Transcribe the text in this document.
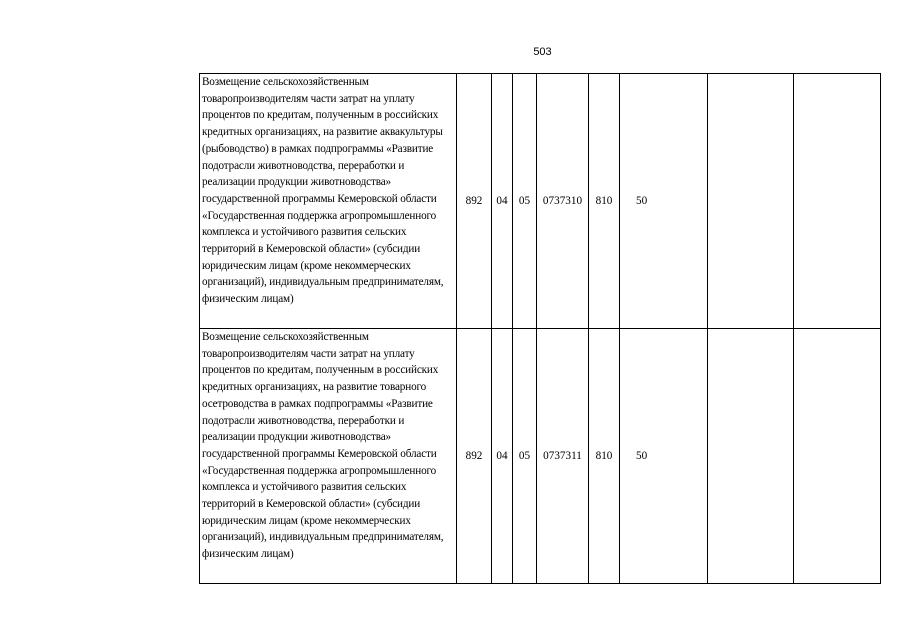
503
Возмещение сельскохозяйственным товаропроизводителям части затрат на уплату процентов по кредитам, полученным в российских кредитных организациях, на развитие аквакультуры (рыбоводство) в рамках подпрограммы «Развитие подотрасли животноводства, переработки и реализации продукции животноводства» государственной программы Кемеровской области «Государственная поддержка агропромышленного комплекса и устойчивого развития сельских территорий в Кемеровской области» (субсидии юридическим лицам (кроме некоммерческих организаций), индивидуальным предпринимателям, физическим лицам)	892	04	05	0737310	810	50		
Возмещение сельскохозяйственным товаропроизводителям части затрат на уплату процентов по кредитам, полученным в российских кредитных организациях, на развитие товарного осетроводства в рамках подпрограммы «Развитие подотрасли животноводства, переработки и реализации продукции животноводства» государственной программы Кемеровской области «Государственная поддержка агропромышленного комплекса и устойчивого развития сельских территорий в Кемеровской области» (субсидии юридическим лицам (кроме некоммерческих организаций), индивидуальным предпринимателям, физическим лицам)	892	04	05	0737311	810	50		
